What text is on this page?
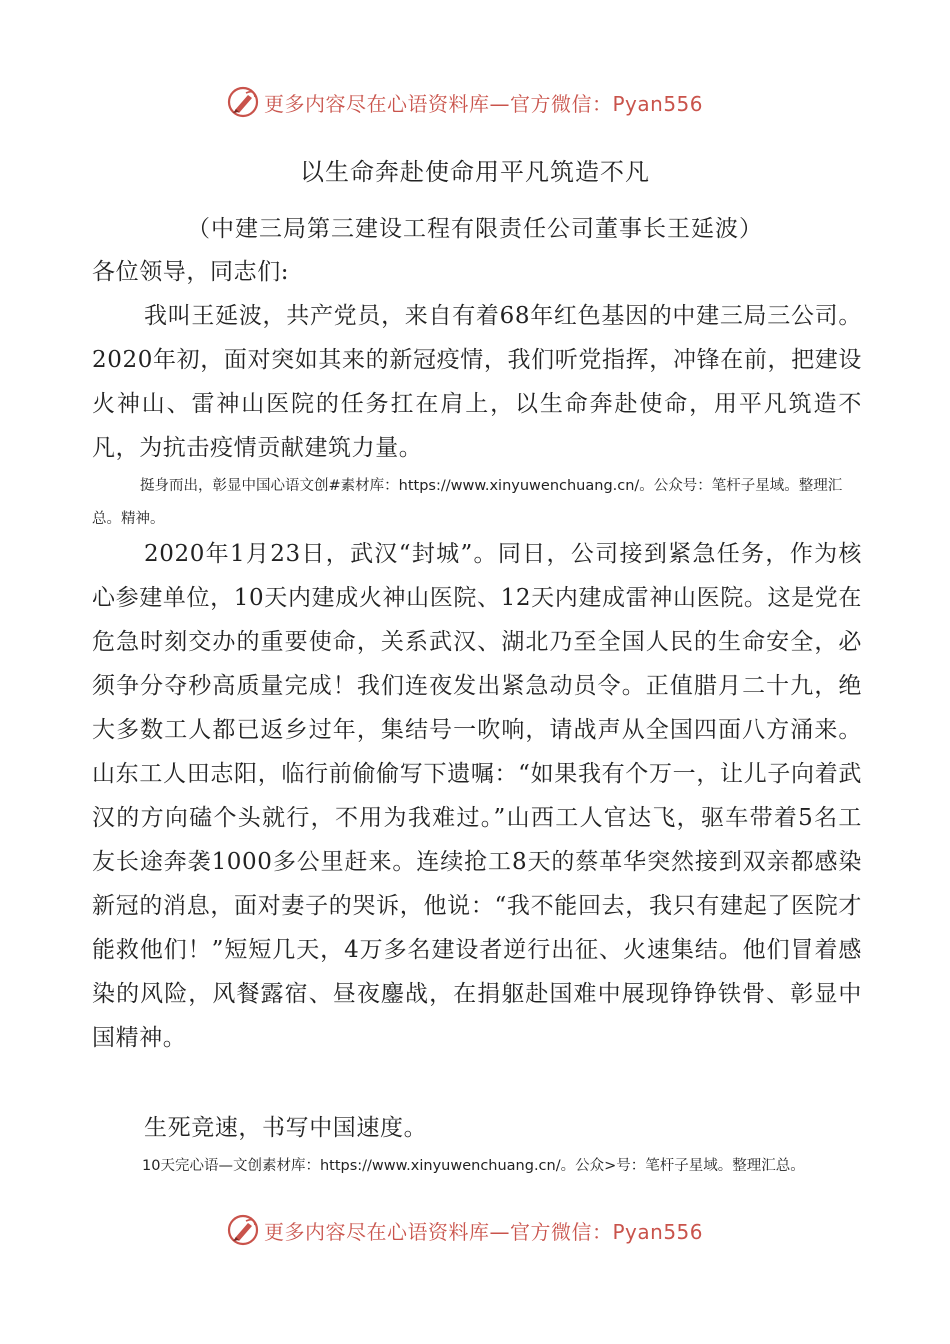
更多内容尽在心语资料库—官方微信：Pyan556
以生命奔赴使命用平凡筑造不凡
（中建三局第三建设工程有限责任公司董事长王延波）
各位领导，同志们:
我叫王延波，共产党员，来自有着68年红色基因的中建三局三公司。2020年初，面对突如其来的新冠疫情，我们听党指挥，冲锋在前，把建设火神山、雷神山医院的任务扛在肩上，以生命奔赴使命，用平凡筑造不凡，为抗击疫情贡献建筑力量。
挺身而出，彰显中国心语文创#素材库：https://www.xinyuwenchuang.cn/。公众号：笔杆子星域。整理汇总。精神。
2020年1月23日，武汉“封城”。同日，公司接到紧急任务，作为核心参建单位，10天内建成火神山医院、12天内建成雷神山医院。这是党在危急时刻交办的重要使命，关系武汉、湖北乃至全国人民的生命安全，必须争分夺秒高质量完成！我们连夜发出紧急动员令。正值腊月二十九，绝大多数工人都已返乡过年，集结号一吹响，请战声从全国四面八方涌来。山东工人田志阳，临行前偷偷写下遗嘱：“如果我有个万一，让儿子向着武汉的方向磕个头就行，不用为我难过。”山西工人官达飞，驱车带着5名工友长途奔袭1000多公里赶来。连续抢工8天的蔡革华突然接到双亲都感染新冠的消息，面对妻子的哭诉，他说：“我不能回去，我只有建起了医院才能救他们！”短短几天，4万多名建设者逆行出征、火速集结。他们冒着感染的风险，风餐露宿、昼夜鏖战，在捐躯赴国难中展现铮铮铁骨、彰显中国精神。
生死竞速，书写中国速度。
10天完心语—文创素材库：https://www.xinyuwenchuang.cn/。公众>号：笔杆子星域。整理汇总。
更多内容尽在心语资料库—官方微信：Pyan556
